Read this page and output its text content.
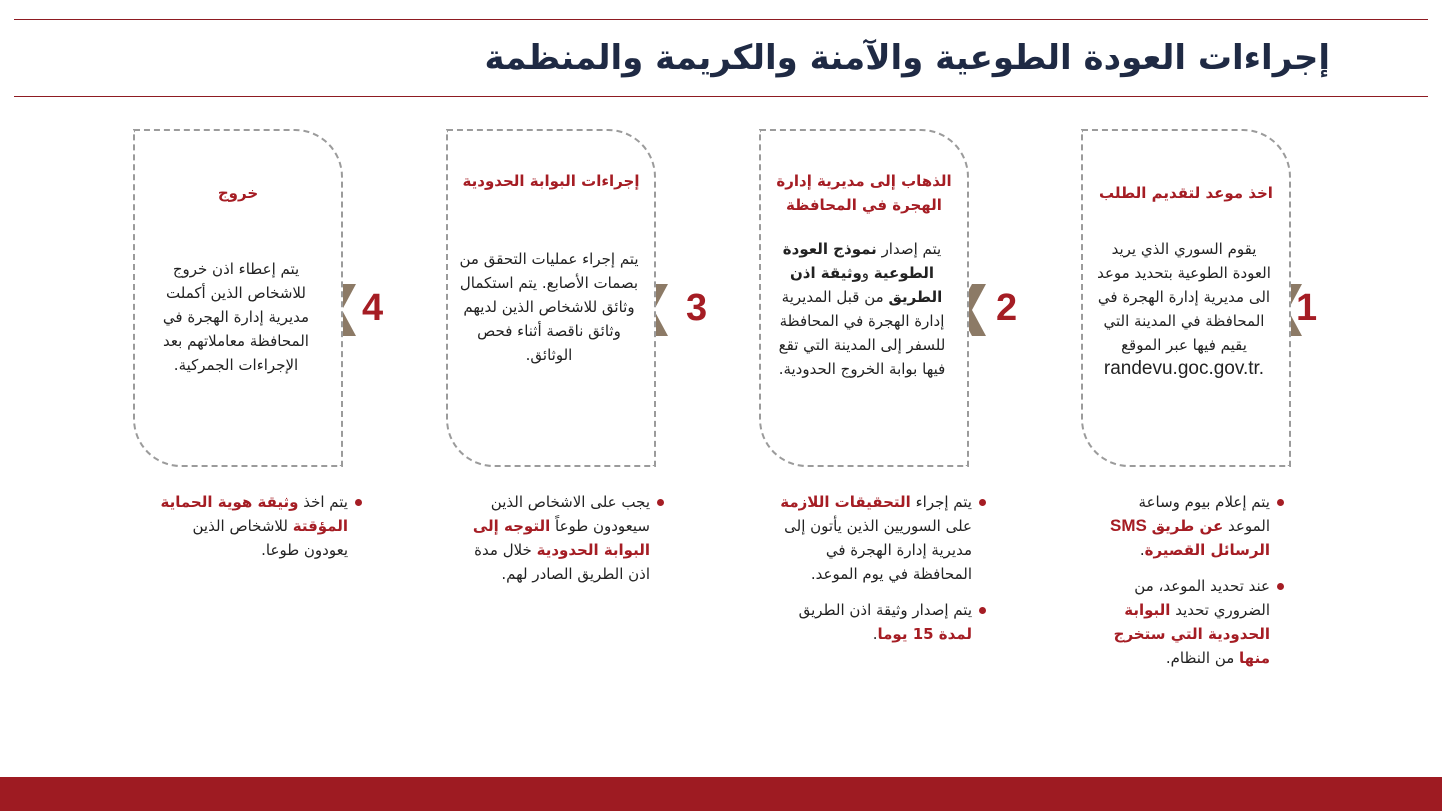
إجراءات العودة الطوعية والآمنة والكريمة والمنظمة
1
اخذ موعد لتقديم الطلب
يقوم السوري الذي يريد العودة الطوعية بتحديد موعد الى مديرية إدارة الهجرة في المحافظة في المدينة التي يقيم فيها عبر الموقع
randevu.goc.gov.tr.
يتم إعلام بيوم وساعة الموعد عن طريق SMS الرسائل القصيرة.
عند تحديد الموعد، من الضروري تحديد البوابة الحدودية التي ستخرج منها من النظام.
2
الذهاب إلى مديرية إدارة الهجرة في المحافظة
يتم إصدار نموذج العودة الطوعية ووثيقة اذن الطريق من قبل المديرية إدارة الهجرة في المحافظة للسفر إلى المدينة التي تقع فيها بوابة الخروج الحدودية.
يتم إجراء التحقيقات اللازمة على السوريين الذين يأتون إلى مديرية إدارة الهجرة في المحافظة في يوم الموعد.
يتم إصدار وثيقة اذن الطريق لمدة 15 يوما.
3
إجراءات البوابة الحدودية
يتم إجراء عمليات التحقق من بصمات الأصابع. يتم استكمال وثائق للاشخاص الذين لديهم وثائق ناقصة أثناء فحص الوثائق.
يجب على الاشخاص الذين سيعودون طوعاً التوجه إلى البوابة الحدودية خلال مدة اذن الطريق الصادر لهم.
4
خروج
يتم إعطاء اذن خروج للاشخاص الذين أكملت مديرية إدارة الهجرة في المحافظة معاملاتهم بعد الإجراءات الجمركية.
يتم اخذ وثيقة هوية الحماية المؤقتة للاشخاص الذين يعودون طوعا.
